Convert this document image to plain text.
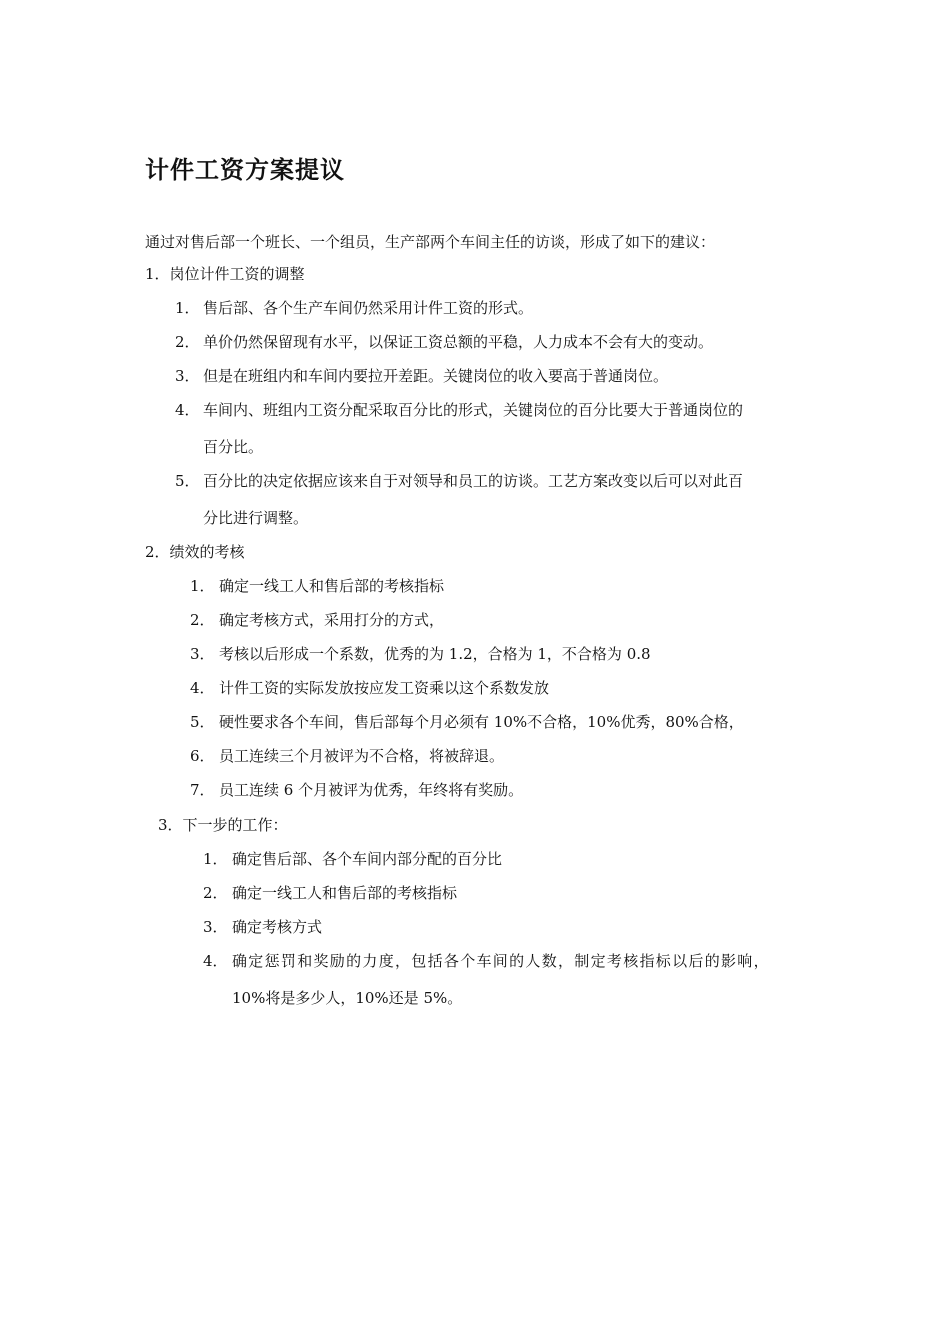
计件工资方案提议
通过对售后部一个班长、一个组员，生产部两个车间主任的访谈，形成了如下的建议：
1．岗位计件工资的调整
1． 售后部、各个生产车间仍然采用计件工资的形式。
2． 单价仍然保留现有水平，以保证工资总额的平稳，人力成本不会有大的变动。
3． 但是在班组内和车间内要拉开差距。关键岗位的收入要高于普通岗位。
4． 车间内、班组内工资分配采取百分比的形式，关键岗位的百分比要大于普通岗位的
百分比。
5． 百分比的决定依据应该来自于对领导和员工的访谈。工艺方案改变以后可以对此百
分比进行调整。
2．绩效的考核
1． 确定一线工人和售后部的考核指标
2． 确定考核方式，采用打分的方式，
3． 考核以后形成一个系数，优秀的为 1.2，合格为 1，不合格为 0.8
4． 计件工资的实际发放按应发工资乘以这个系数发放
5． 硬性要求各个车间，售后部每个月必须有 10%不合格，10%优秀，80%合格，
6． 员工连续三个月被评为不合格，将被辞退。
7． 员工连续 6 个月被评为优秀，年终将有奖励。
3．下一步的工作：
1． 确定售后部、各个车间内部分配的百分比
2． 确定一线工人和售后部的考核指标
3． 确定考核方式
4． 确定惩罚和奖励的力度，包括各个车间的人数，制定考核指标以后的影响，
10%将是多少人，10%还是 5%。
